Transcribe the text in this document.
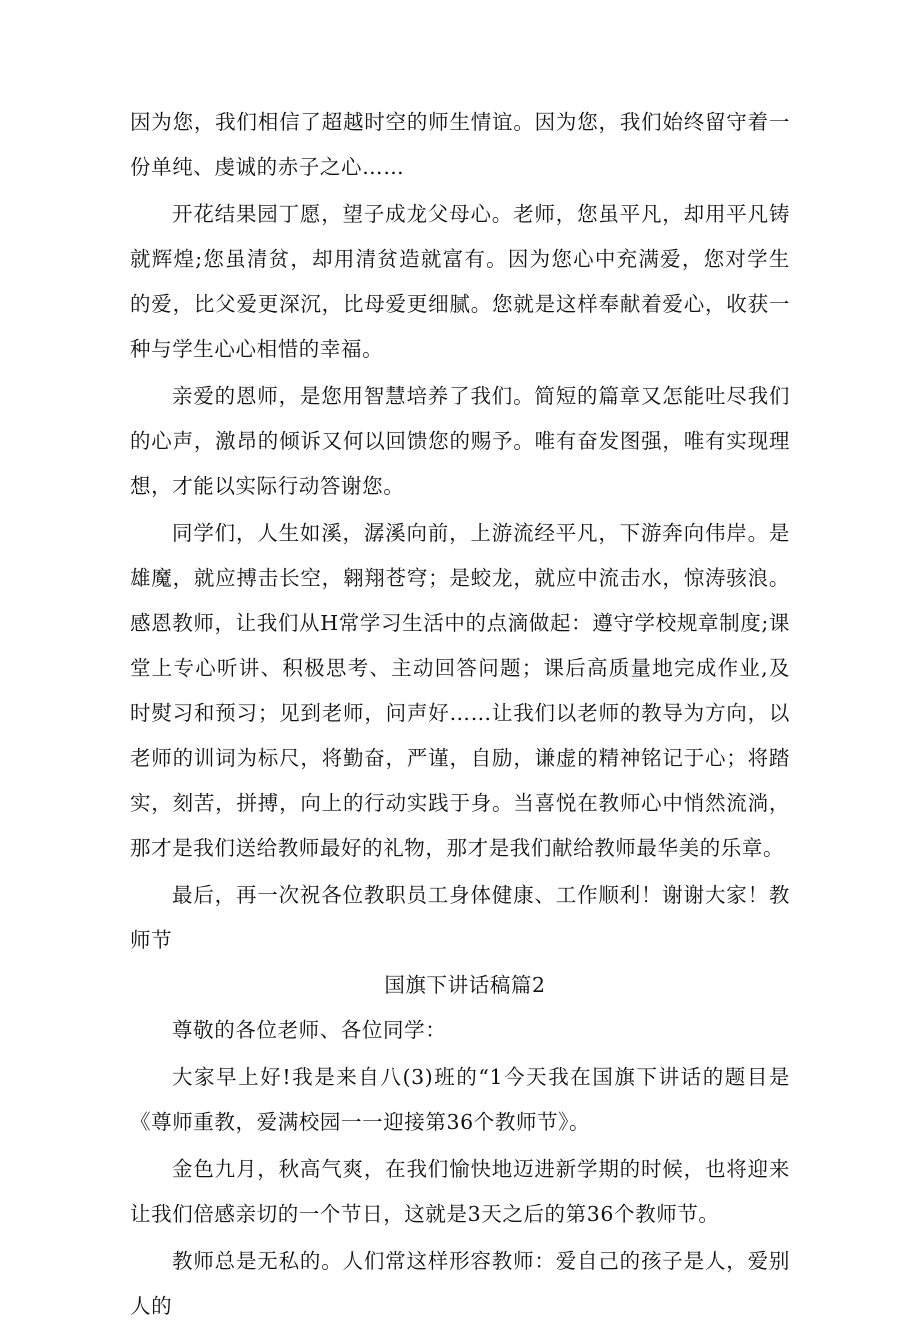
因为您，我们相信了超越时空的师生情谊。因为您，我们始终留守着一份单纯、虔诚的赤子之心……

开花结果园丁愿，望子成龙父母心。老师，您虽平凡，却用平凡铸就辉煌;您虽清贫，却用清贫造就富有。因为您心中充满爱，您对学生的爱，比父爱更深沉，比母爱更细腻。您就是这样奉献着爱心，收获一种与学生心心相惜的幸福。

亲爱的恩师，是您用智慧培养了我们。简短的篇章又怎能吐尽我们的心声，激昂的倾诉又何以回馈您的赐予。唯有奋发图强，唯有实现理想，才能以实际行动答谢您。

同学们，人生如溪，潺溪向前，上游流经平凡，下游奔向伟岸。是雄魔，就应搏击长空，翱翔苍穹；是蛟龙，就应中流击水，惊涛骇浪。感恩教师，让我们从H常学习生活中的点滴做起：遵守学校规章制度;课堂上专心听讲、积极思考、主动回答问题；课后高质量地完成作业,及时熨习和预习；见到老师，问声好……让我们以老师的教导为方向，以老师的训词为标尺，将勤奋，严谨，自励，谦虚的精神铭记于心；将踏实，刻苦，拼搏，向上的行动实践于身。当喜悦在教师心中悄然流淌，那才是我们送给教师最好的礼物，那才是我们献给教师最华美的乐章。

最后，再一次祝各位教职员工身体健康、工作顺利！谢谢大家！教师节

国旗下讲话稿篇2

尊敬的各位老师、各位同学：

大家早上好!我是来自八(3)班的“1今天我在国旗下讲话的题目是《尊师重教，爱满校园一一迎接第36个教师节》。

金色九月，秋高气爽，在我们愉快地迈进新学期的时候，也将迎来让我们倍感亲切的一个节日，这就是3天之后的第36个教师节。

教师总是无私的。人们常这样形容教师：爱自己的孩子是人，爱别人的
